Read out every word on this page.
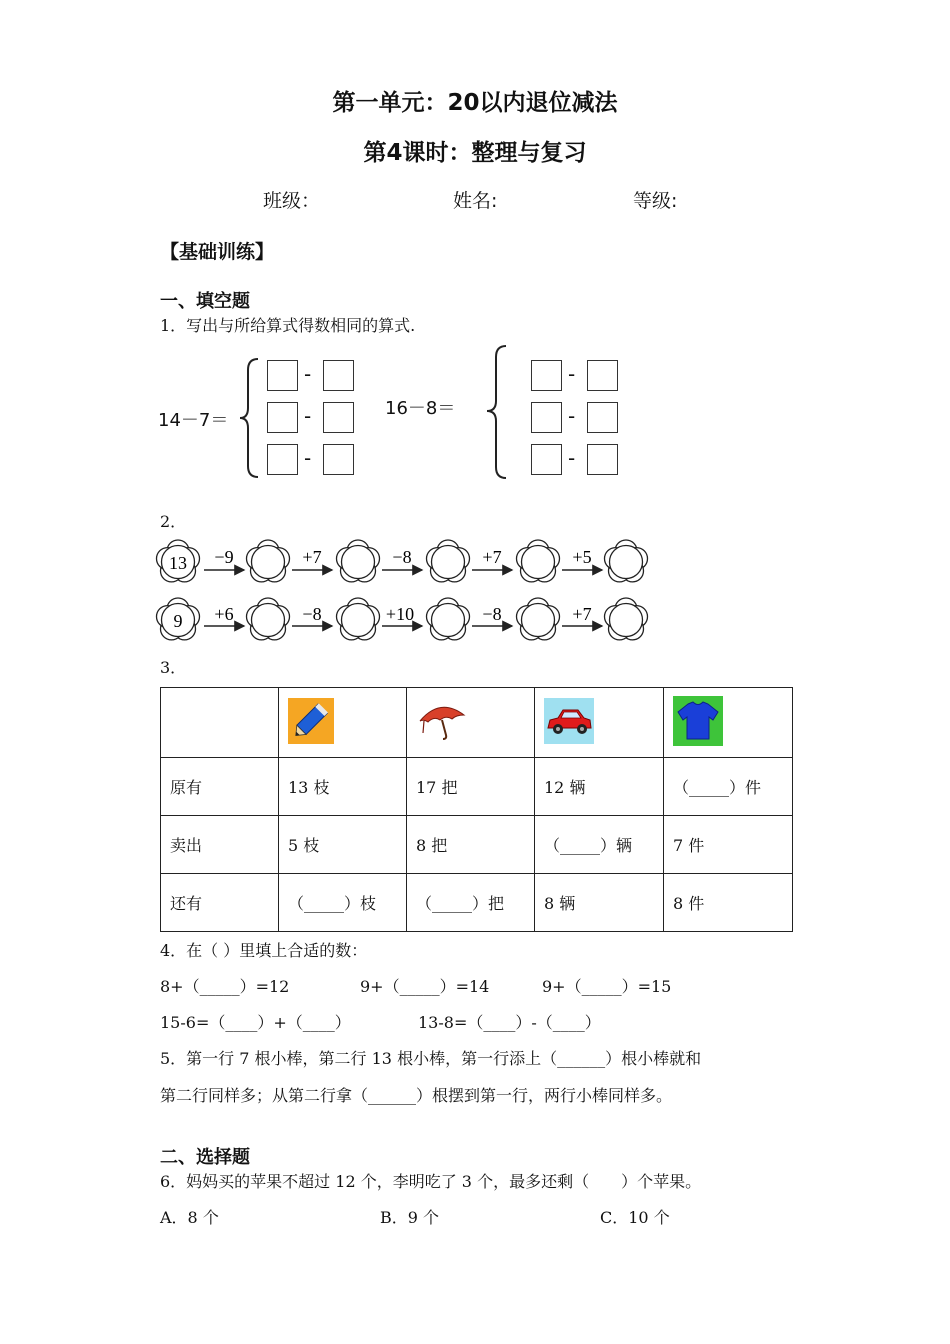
第一单元：20以内退位减法
第4课时：整理与复习
班级：	姓名:	等级:
【基础训练】
一、填空题
1．写出与所给算式得数相同的算式.
14－7＝
-
-
-
16－8＝
-
-
-
2．
13 −9	+7	−8	+7	+5
9 +6	−8	+10	−8	+7
3．

原有	13 枝	17 把	12 辆	（_____）件
卖出	5 枝	8 把	（_____）辆	7 件
还有	（_____）枝	（_____）把	8 辆	8 件
4．在（ ）里填上合适的数：
8+（_____）=12	9+（_____）=14	9+（_____）=15
15-6=（____）+（____）	13-8=（____）-（____）
5．第一行 7 根小棒，第二行 13 根小棒，第一行添上（______）根小棒就和
第二行同样多；从第二行拿（______）根摆到第一行，两行小棒同样多。
二、选择题
6．妈妈买的苹果不超过 12 个，李明吃了 3 个，最多还剩（　　）个苹果。
A．8 个	B．9 个	C．10 个
